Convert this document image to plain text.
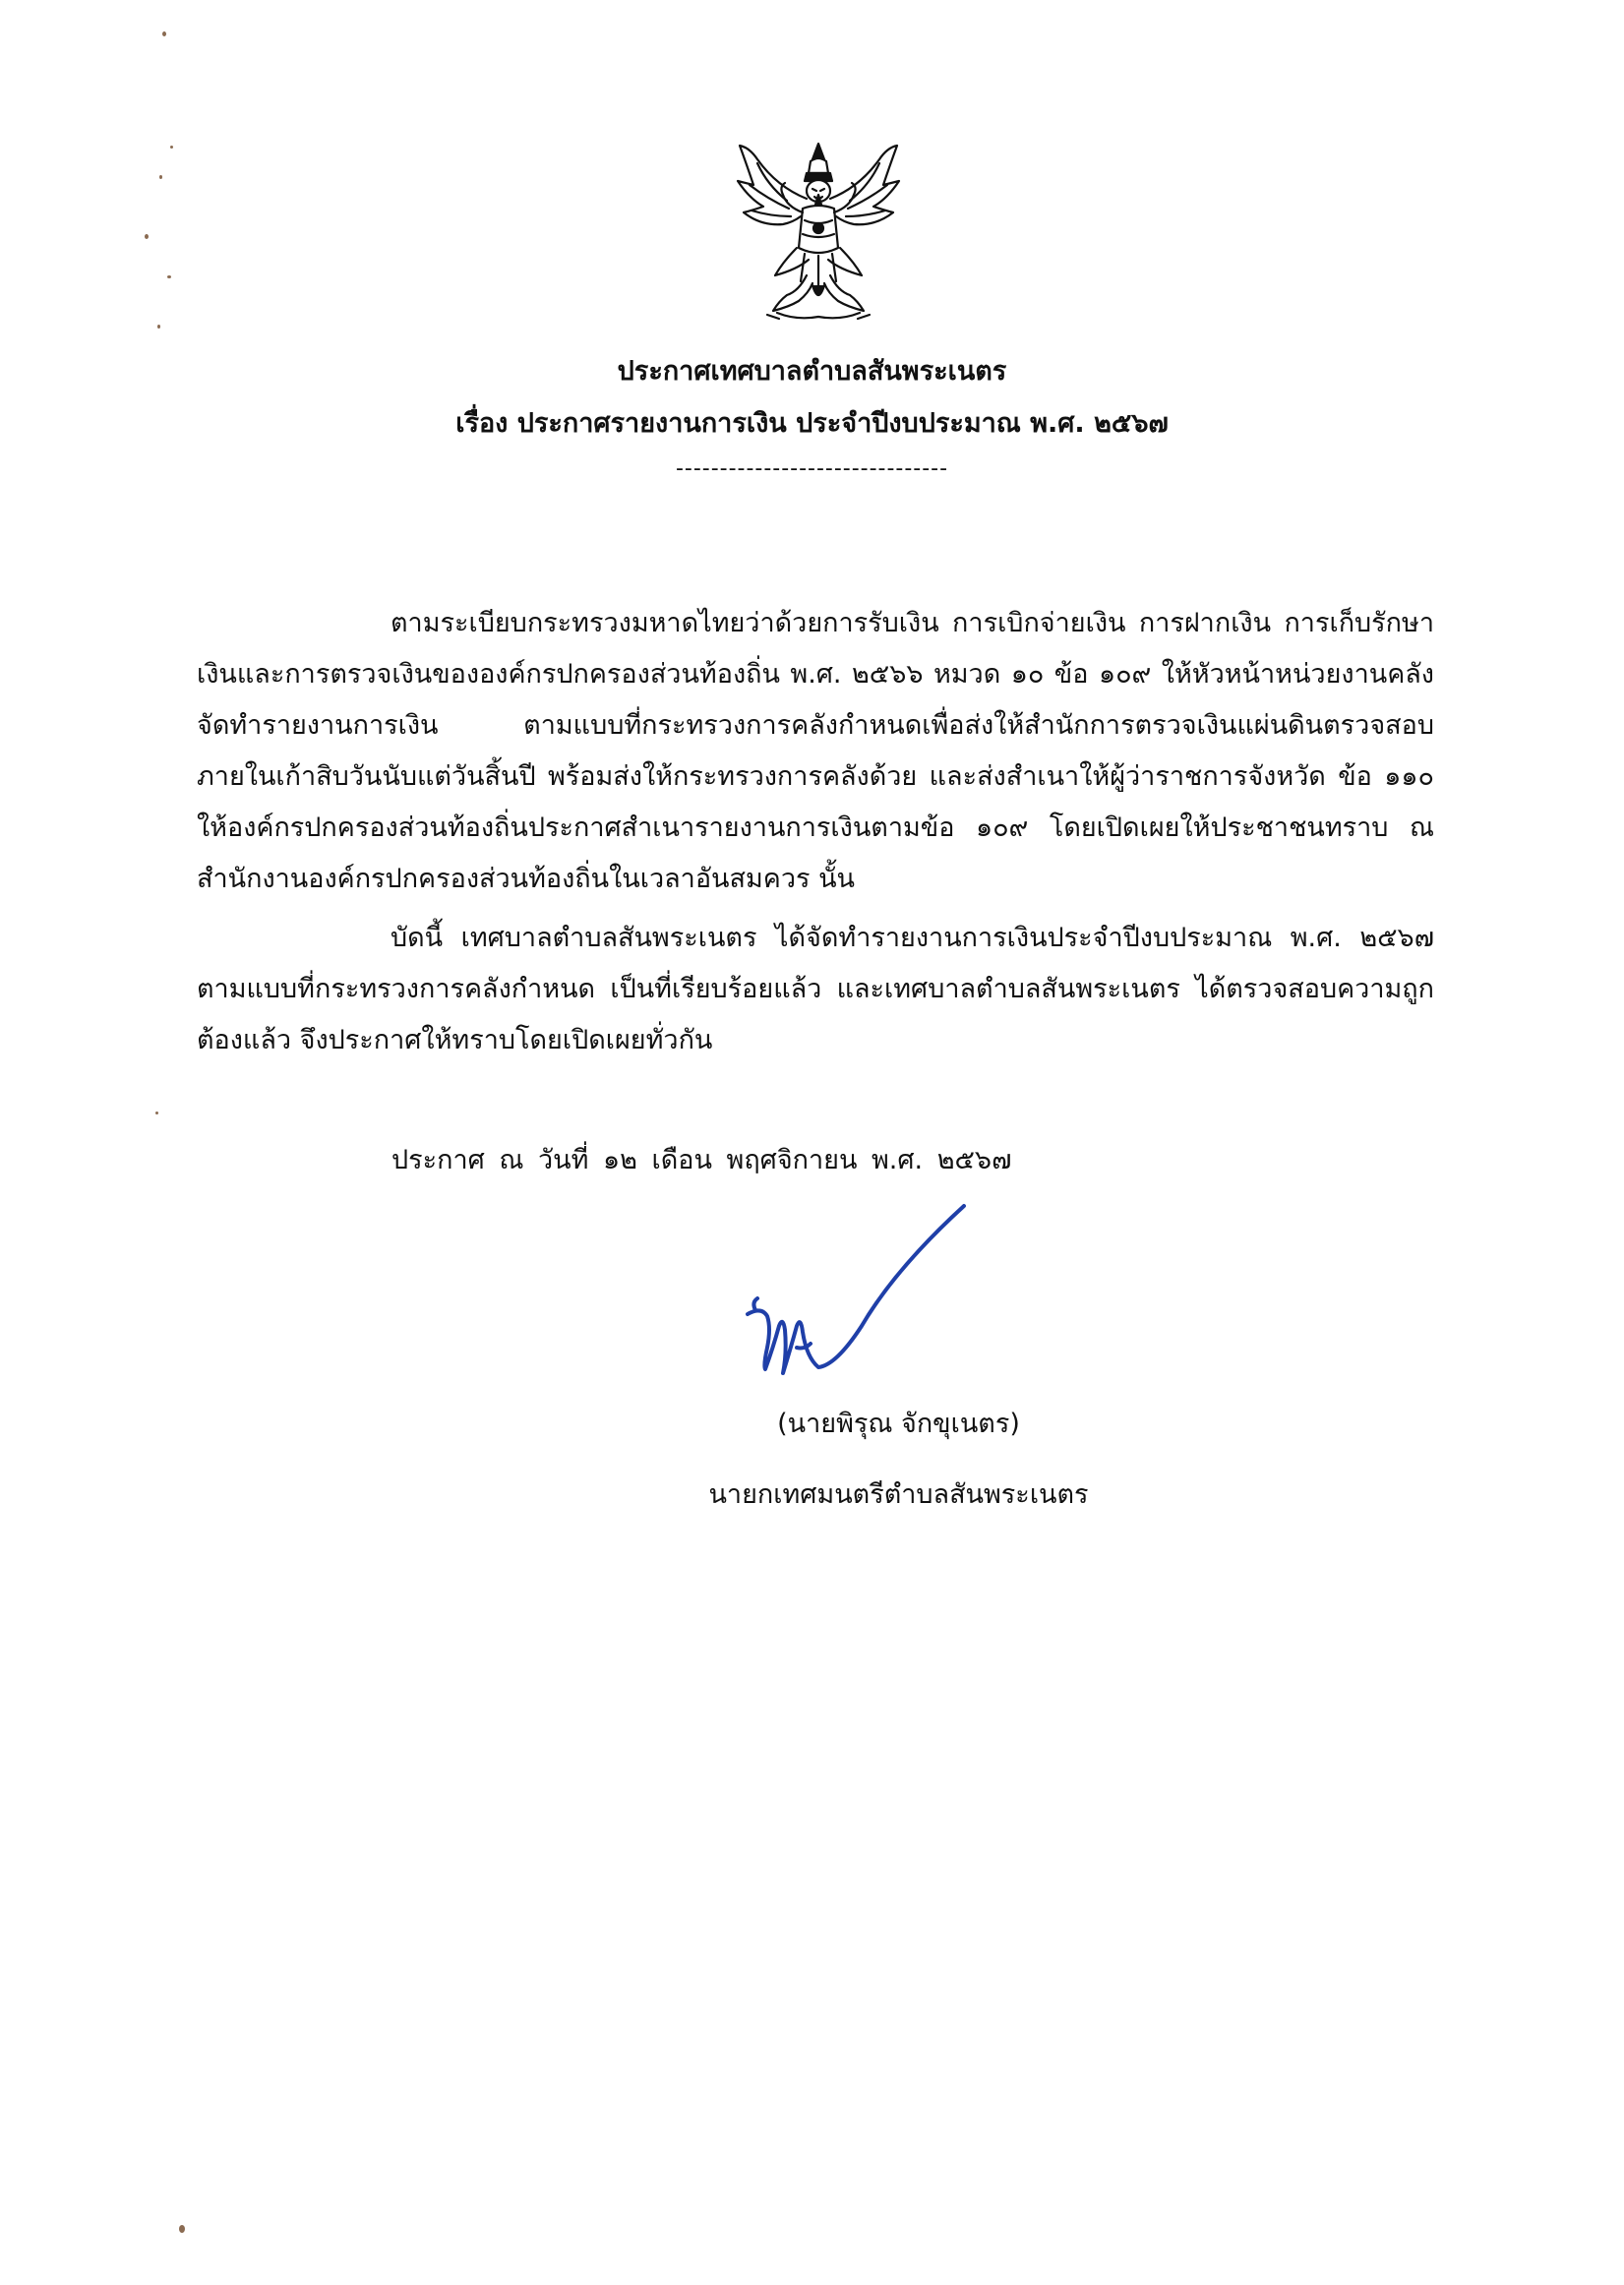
ประกาศเทศบาลตำบลสันพระเนตร
เรื่อง ประกาศรายงานการเงิน ประจำปีงบประมาณ พ.ศ. ๒๕๖๗
-------------------------------
ตามระเบียบกระทรวงมหาดไทยว่าด้วยการรับเงิน การเบิกจ่ายเงิน การฝากเงิน การเก็บรักษาเงินและการตรวจเงินขององค์กรปกครองส่วนท้องถิ่น พ.ศ. ๒๕๖๖ หมวด ๑๐ ข้อ ๑๐๙ ให้หัวหน้าหน่วยงานคลังจัดทำรายงานการเงิน ตามแบบที่กระทรวงการคลังกำหนดเพื่อส่งให้สำนักการตรวจเงินแผ่นดินตรวจสอบภายในเก้าสิบวันนับแต่วันสิ้นปี พร้อมส่งให้กระทรวงการคลังด้วย และส่งสำเนาให้ผู้ว่าราชการจังหวัด ข้อ ๑๑๐ ให้องค์กรปกครองส่วนท้องถิ่นประกาศสำเนารายงานการเงินตามข้อ ๑๐๙ โดยเปิดเผยให้ประชาชนทราบ ณ สำนักงานองค์กรปกครองส่วนท้องถิ่นในเวลาอันสมควร นั้น
บัดนี้ เทศบาลตำบลสันพระเนตร ได้จัดทำรายงานการเงินประจำปีงบประมาณ พ.ศ. ๒๕๖๗ ตามแบบที่กระทรวงการคลังกำหนด เป็นที่เรียบร้อยแล้ว และเทศบาลตำบลสันพระเนตร ได้ตรวจสอบความถูกต้องแล้ว จึงประกาศให้ทราบโดยเปิดเผยทั่วกัน
ประกาศ ณ วันที่ ๑๒ เดือน พฤศจิกายน พ.ศ. ๒๕๖๗
(นายพิรุณ จักขุเนตร)
นายกเทศมนตรีตำบลสันพระเนตร
